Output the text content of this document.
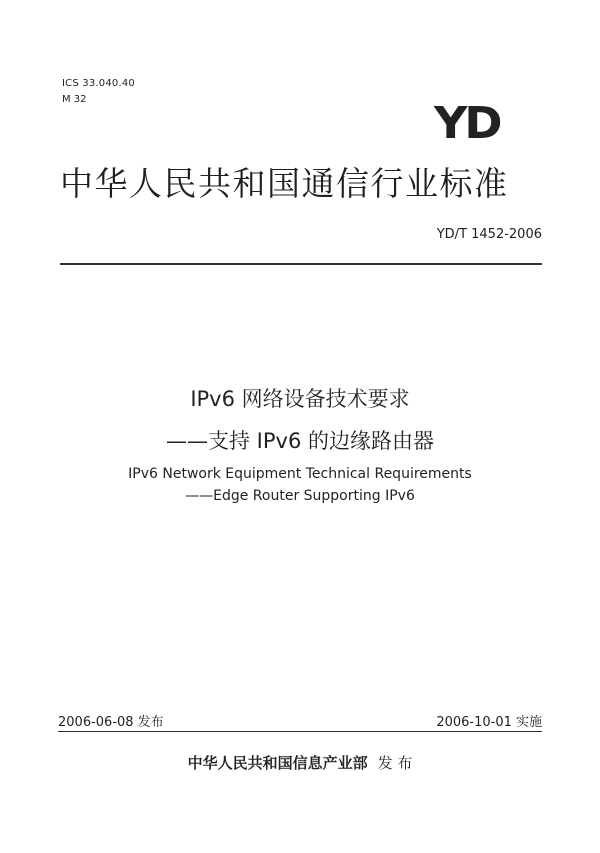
ICS 33.040.40
M 32	YD
中华人民共和国通信行业标准
YD/T 1452-2006
IPv6 网络设备技术要求
——支持 IPv6 的边缘路由器
IPv6 Network Equipment Technical Requirements
——Edge Router Supporting IPv6
2006-06-08 发布	2006-10-01 实施
中华人民共和国信息产业部 发 布
